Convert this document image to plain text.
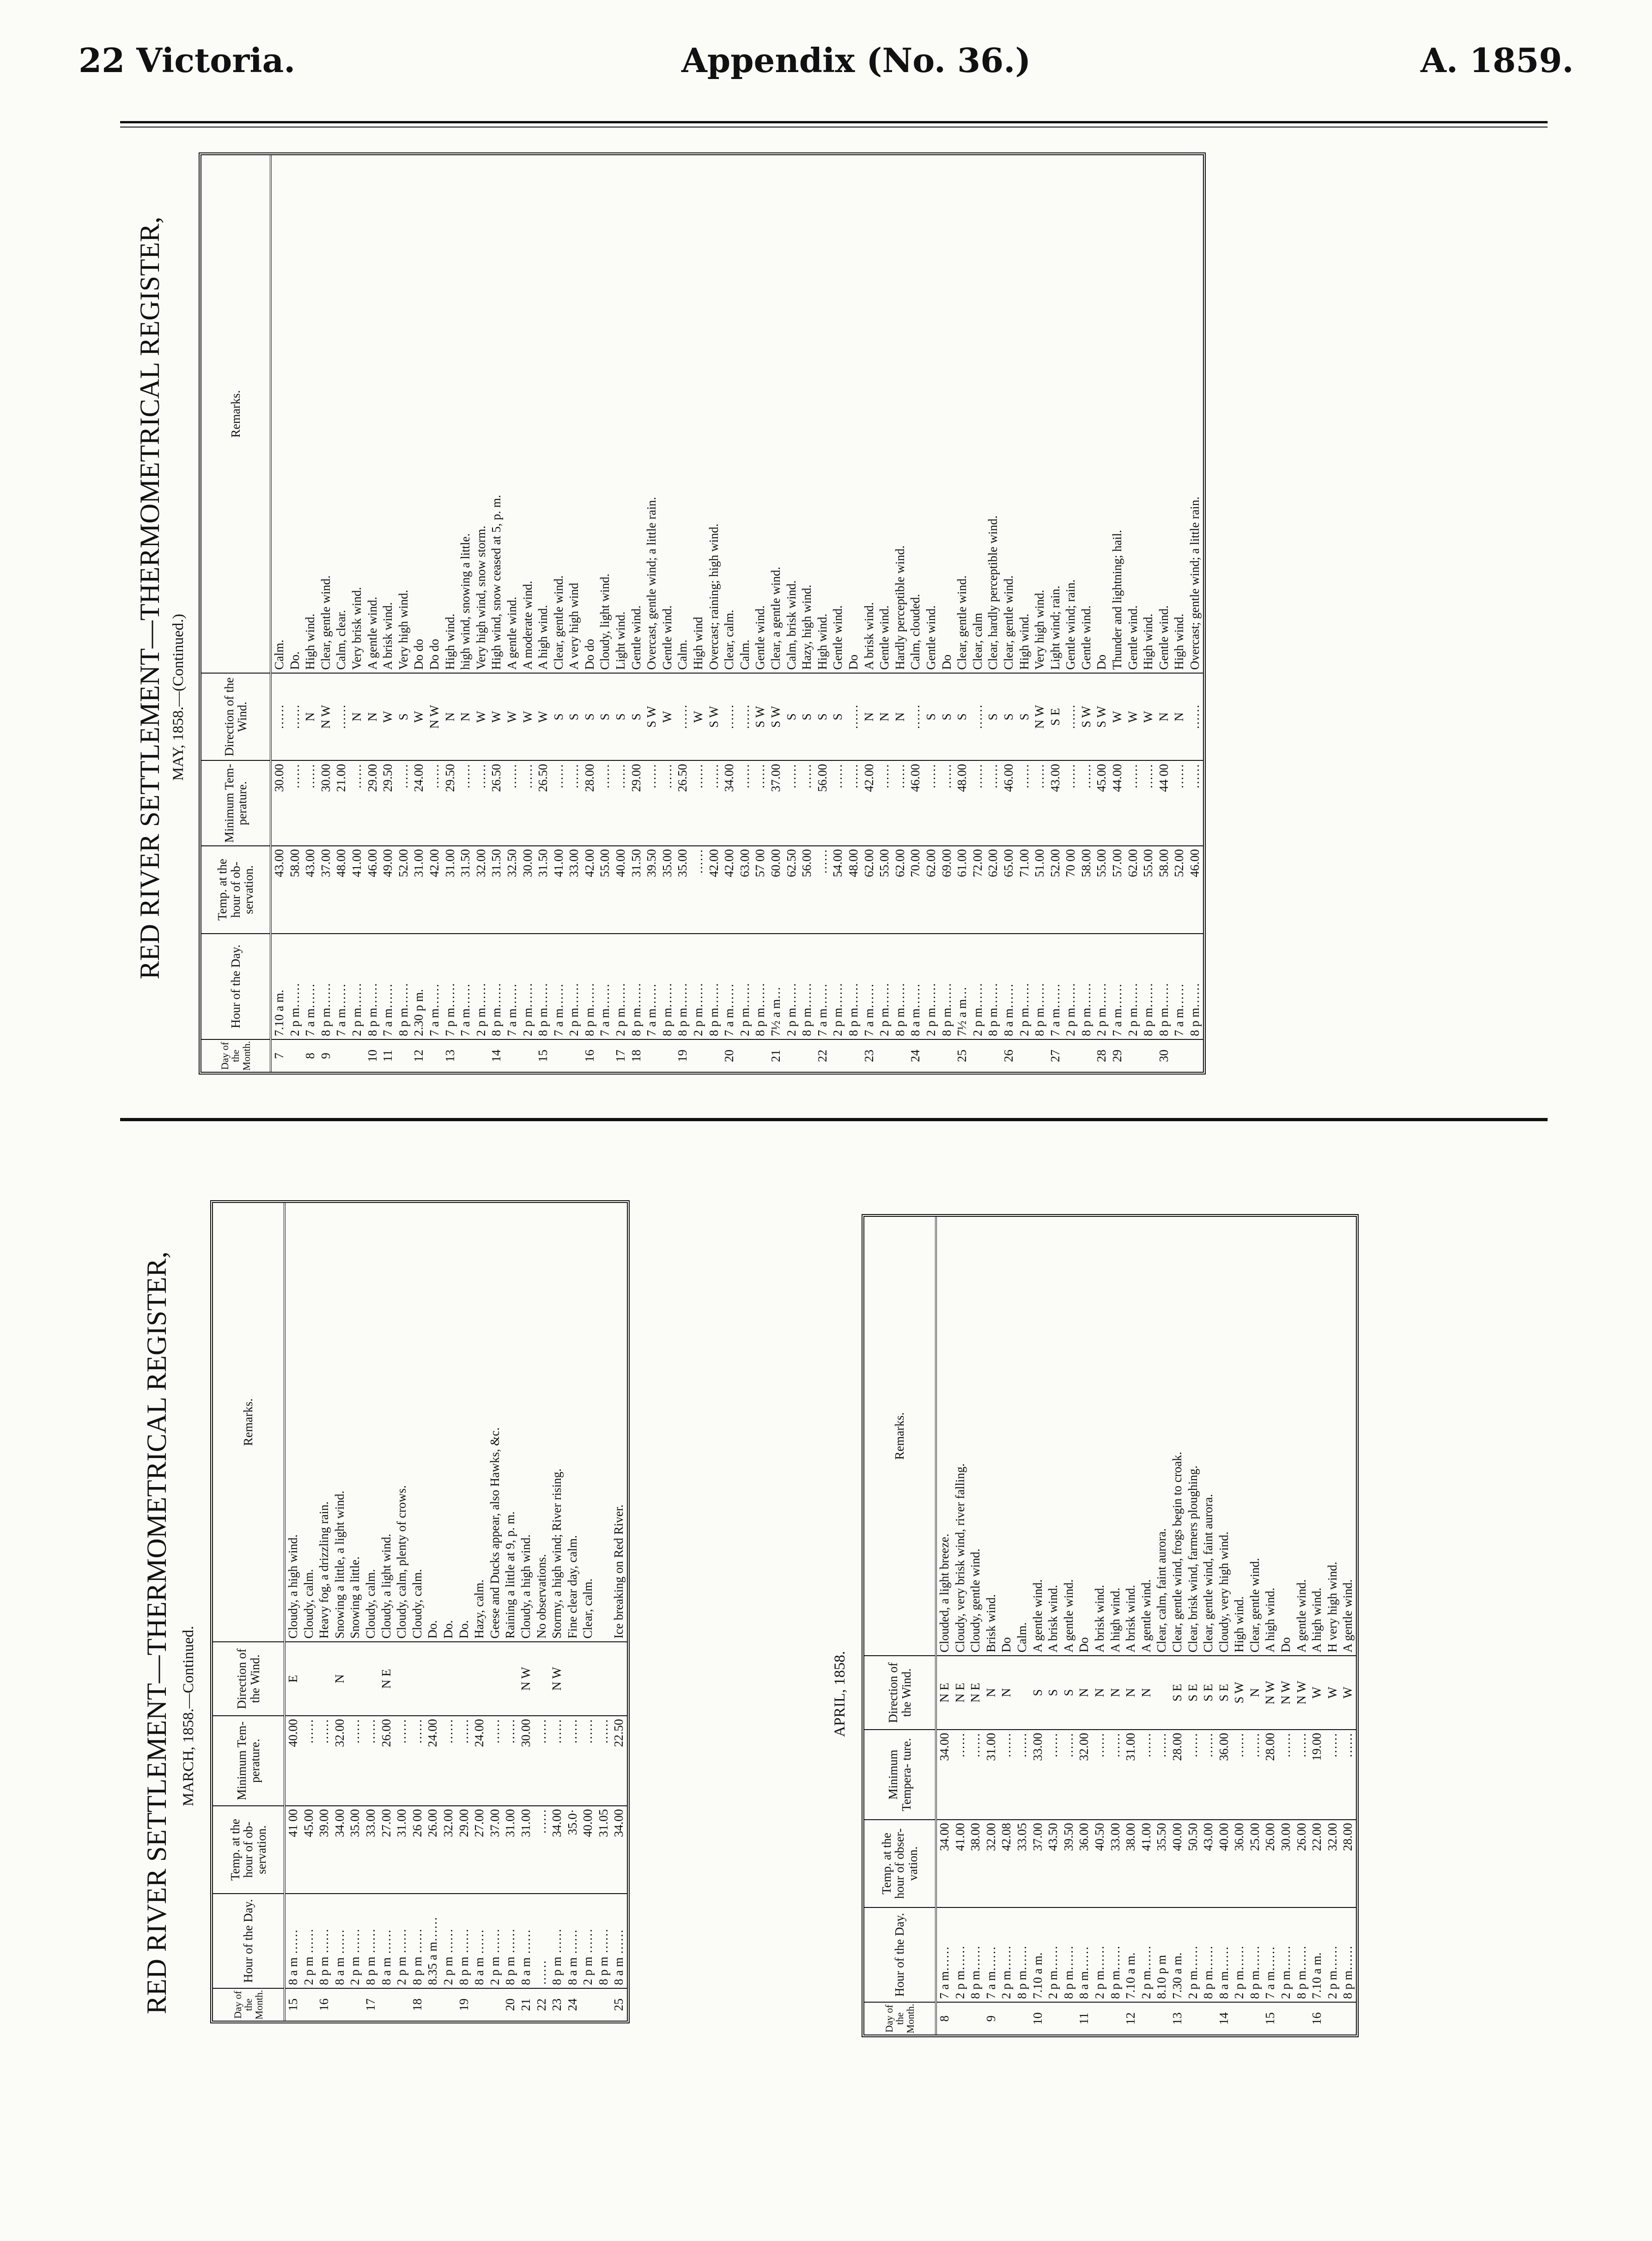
22 Victoria.	Appendix (No. 36.)	A. 1859.
RED RIVER SETTLEMENT—THERMOMETRICAL REGISTER, MAY, 1858.—(Continued.)
Day of the Month.	Hour of the Day.	Temp. at the hour of ob- servation.	Minimum Tem- perature.	Direction of the Wind.	Remarks.
7	7.10 a m.	43.00	30.00	……	Calm.
	2 p m……	58.00	……	……	Do.
8	7 a m……	43.00	……	N	High wind.
9	8 p m……	37.00	30.00	N W	Clear, gentle wind.
	7 a m……	48.00	21.00	……	Calm, clear.
	2 p m……	41.00	……	N	Very brisk wind.
10	8 p m……	46.00	29.00	N	A gentle wind.
11	7 a m……	49.00	29.50	W	A brisk wind.
	8 p m……	52.00	……	S	Very high wind.
12	2.30 p m.	31.00	24.00	W	Do do
	7 a m……	42.00	……	N W	Do do
13	7 p m……	31.00	29.50	N	High wind.
	7 a m……	31.50	……	N	high wind, snowing a little.
	2 p m……	32.00	……	W	Very high wind, snow storm.
14	8 p m……	31.50	26.50	W	High wind, snow ceased at 5, p. m.
	7 a m……	32.50	……	W	A gentle wind.
	2 p m……	30.00	……	W	A moderate wind.
15	8 p m……	31.50	26.50	W	A high wind.
	7 a m……	41.00	……	S	Clear, gentle wind.
	2 p m……	33.00	……	S	A very high wind
16	8 p m……	42.00	28.00	S	Do do
	7 a m……	55.00	……	S	Cloudy, light wind.
17	2 p m……	40.00	……	S	Light wind.
18	8 p m……	31.50	29.00	S	Gentle wind.
	7 a m……	39.50	……	S W	Overcast, gentle wind; a little rain.
	8 p m……	35.00	……	W	Gentle wind.
19	8 p m……	35.00	26.50	……	Calm.
	2 p m……	……	……	W	High wind
	8 p m……	42.00	……	S W	Overcast; raining; high wind.
20	7 a m……	42.00	34.00	……	Clear, calm.
	2 p m……	63.00	……	……	Calm.
	8 p m……	57 00	……	S W	Gentle wind.
21	7½ a m…	60.00	37.00	S W	Clear, a gentle wind.
	2 p m……	62.50	……	S	Calm, brisk wind.
	8 p m……	56.00	……	S	Hazy, high wind.
22	7 a m……	……	56.00	S	High wind.
	2 p m……	54.00	……	S	Gentle wind.
	8 p m……	48.00	……	……	Do
23	7 a m……	62.00	42.00	N	A brisk wind.
	2 p m……	55.00	……	N	Gentle wind.
	8 p m……	62.00	……	N	Hardly perceptible wind.
24	8 a m……	70.00	46.00	……	Calm, clouded.
	2 p m……	62.00	……	S	Gentle wind.
	8 p m……	69.00	……	S	Do
25	7½ a m…	61.00	48.00	S	Clear, gentle wind.
	2 p m……	72.00	……	……	Clear, calm
	8 p m……	62.00	……	S	Clear, hardly perceptible wind.
26	8 a m……	65.00	46.00	S	Clear, gentle wind.
	2 p m……	71.00	……	S	High wind.
	8 p m……	51.00	……	N W	Very high wind.
27	7 a m……	52.00	43.00	S E	Light wind; rain.
	2 p m……	70 00	……	……	Gentle wind; rain.
	8 p m……	58.00	……	S W	Gentle wind.
28	2 p m……	55.00	45.00	S W	Do
29	7 a m……	57.00	44.00	W	Thunder and lightning; hail.
	2 p m……	62.00	……	W	Gentle wind.
	8 p m……	55.00	……	W	High wind.
30	8 p m……	58.00	44 00	N	Gentle wind.
	7 a m……	52.00	……	N	High wind.
	8 p m……	46.00	……	……	Overcast; gentle wind; a little rain.
RED RIVER SETTLEMENT—THERMOMETRICAL REGISTER, MARCH, 1858.—Continued.
Day of the Month.	Hour of the Day.	Temp. at the hour of ob- servation.	Minimum Tem- perature.	Direction of the Wind.	Remarks.
15	8 a m ……	41 00	40.00	E	Cloudy, a high wind.
	2 p m ……	45.00	……		Cloudy, calm.
16	8 p m ……	39.00	……		Heavy fog, a drizzling rain.
	8 a m ……	34.00	32.00	N	Snowing a little, a light wind.
	2 p m ……	35.00	……		Snowing a little.
17	8 p m ……	33.00	……		Cloudy, calm.
	8 a m ……	27.00	26.00	N E	Cloudy, a light wind.
	2 p m ……	31.00	……		Cloudy, calm, plenty of crows.
18	8 p m ……	26 00	……		Cloudy, calm.
	8.35 a m……	26.00	24.00		Do.
	2 p m ……	32.00	……		Do.
19	8 p m ……	29.00	……		Do.
	8 a m ……	27.00	24.00		Hazy, calm.
	2 p m ……	37.00	……		Geese and Ducks appear, also Hawks, &c.
20	8 p m ……	31.00	……		Raining a little at 9, p. m.
21	8 a m ……	31.00	30.00	N W	Cloudy, a high wind.
22	……	……	……		No observations.
23	8 p m ……	34.00	……	N W	Stormy, a high wind; River rising.
24	8 a m ……	35.0·	……		Fine clear day, calm.
	2 p m ……	40.00	……		Clear, calm.
	8 p m ……	31.05	……		
25	8 a m ……	34.00	22.50		Ice breaking on Red River.
APRIL, 1858.
Day of the Month.	Hour of the Day.	Temp. at the hour of obser- vation.	Minimum Tempera- ture.	Direction of the Wind.	Remarks.
8	7 a m……	34.00	34.00	N E	Clouded, a light breeze.
	2 p m……	41.00	……	N E	Cloudy, very brisk wind, river falling.
	8 p m……	38.00	……	N E	Cloudy, gentle wind.
9	7 a m……	32.00	31.00	N	Brisk wind.
	2 p m……	42.08	……	N	Do
	8 p m……	33.05	……		Calm.
10	7.10 a m.	37.00	33.00	S	A gentle wind.
	2 p m……	43.50	……	S	A brisk wind.
	8 p m……	39.50	……	S	A gentle wind.
11	8 a m……	36.00	32.00	N	Do
	2 p m……	40.50	……	N	A brisk wind.
	8 p m……	33.00	……	N	A high wind.
12	7.10 a m.	38.00	31.00	N	A brisk wind.
	2 p m……	41.00	……	N	A gentle wind.
	8.10 p m	35.50	……		Clear, calm, faint aurora.
13	7.30 a m.	40.00	28.00	S E	Clear, gentle wind, frogs begin to croak.
	2 p m……	50.50	……	S E	Clear, brisk wind, farmers ploughing.
	8 p m……	43.00	……	S E	Clear, gentle wind, faint aurora.
14	8 a m……	40.00	36.00	S E	Cloudy, very high wind.
	2 p m……	36.00	……	S W	High wind.
	8 p m……	25.00	……	N	Clear, gentle wind.
15	7 a m……	26.00	28.00	N W	A high wind.
	2 p m……	30.00	……	N W	Do
	8 p m……	26.00	……	N W	A gentle wind.
16	7.10 a m.	22.00	19.00	W	A high wind.
	2 p m……	32.00	……	W	H very high wind.
	8 p m……	28.00	……	W	A gentle wind.
